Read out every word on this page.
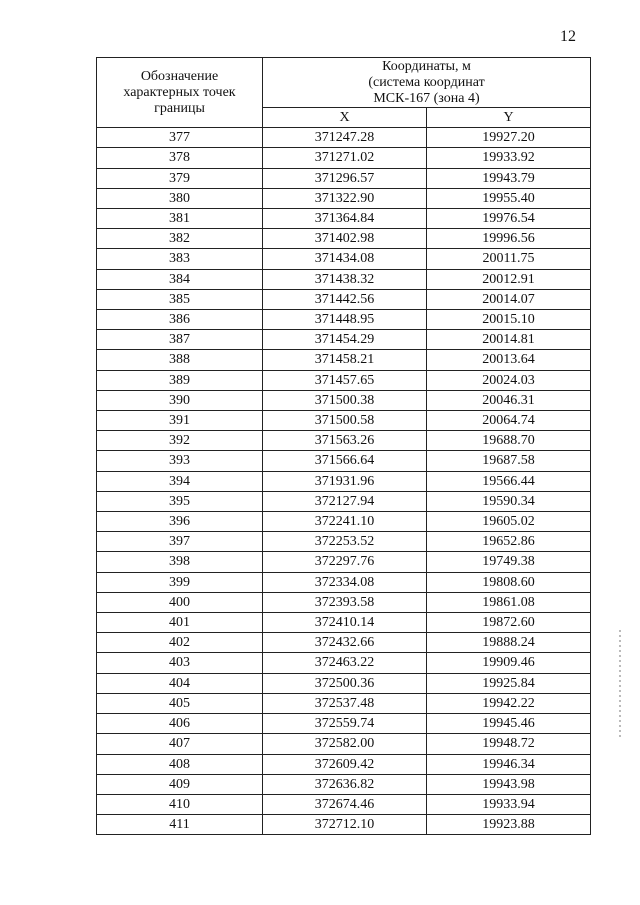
12
Обозначение
характерных точек
границы	Координаты, м
(система координат
МСК-167 (зона 4)	

	X	Y
377	371247.28	19927.20
378	371271.02	19933.92
379	371296.57	19943.79
380	371322.90	19955.40
381	371364.84	19976.54
382	371402.98	19996.56
383	371434.08	20011.75
384	371438.32	20012.91
385	371442.56	20014.07
386	371448.95	20015.10
387	371454.29	20014.81
388	371458.21	20013.64
389	371457.65	20024.03
390	371500.38	20046.31
391	371500.58	20064.74
392	371563.26	19688.70
393	371566.64	19687.58
394	371931.96	19566.44
395	372127.94	19590.34
396	372241.10	19605.02
397	372253.52	19652.86
398	372297.76	19749.38
399	372334.08	19808.60
400	372393.58	19861.08
401	372410.14	19872.60
402	372432.66	19888.24
403	372463.22	19909.46
404	372500.36	19925.84
405	372537.48	19942.22
406	372559.74	19945.46
407	372582.00	19948.72
408	372609.42	19946.34
409	372636.82	19943.98
410	372674.46	19933.94
411	372712.10	19923.88
